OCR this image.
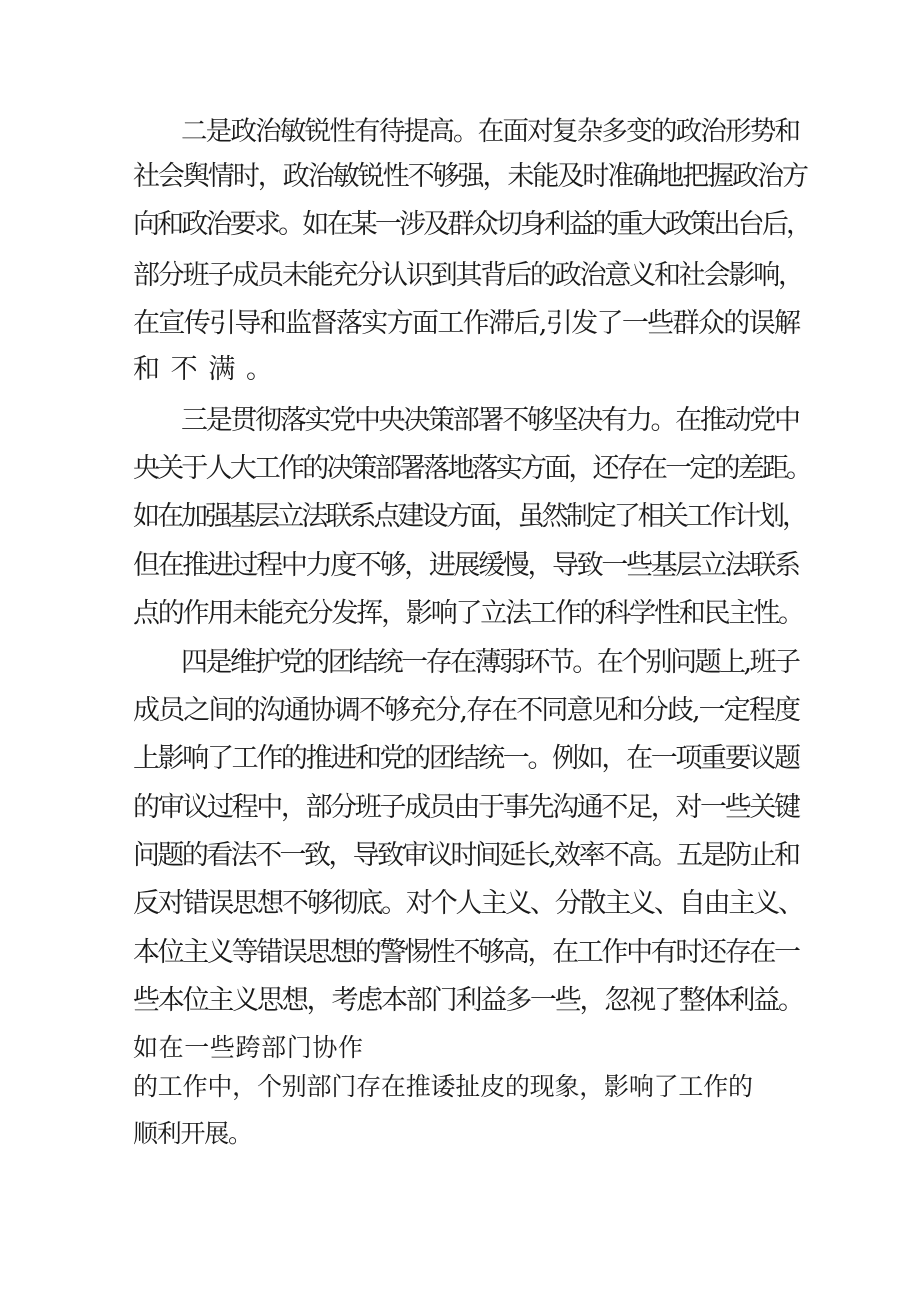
二是政治敏锐性有待提高。在面对复杂多变的政治形势和

社会舆情时，政治敏锐性不够强，未能及时准确地把握政治方

向和政治要求。如在某一涉及群众切身利益的重大政策出台后，

部分班子成员未能充分认识到其背后的政治意义和社会影响，

在宣传引导和监督落实方面工作滞后,引发了一些群众的误解

和不满。

三是贯彻落实党中央决策部署不够坚决有力。在推动党中

央关于人大工作的决策部署落地落实方面，还存在一定的差距。

如在加强基层立法联系点建设方面，虽然制定了相关工作计划，

但在推进过程中力度不够，进展缓慢，导致一些基层立法联系

点的作用未能充分发挥，影响了立法工作的科学性和民主性。

四是维护党的团结统一存在薄弱环节。在个别问题上,班子

成员之间的沟通协调不够充分,存在不同意见和分歧,一定程度

上影响了工作的推进和党的团结统一。例如，在一项重要议题

的审议过程中，部分班子成员由于事先沟通不足，对一些关键

问题的看法不一致，导致审议时间延长,效率不高。五是防止和

反对错误思想不够彻底。对个人主义、分散主义、自由主义、

本位主义等错误思想的警惕性不够高，在工作中有时还存在一

些本位主义思想，考虑本部门利益多一些，忽视了整体利益。

如在一些跨部门协作

的工作中，个别部门存在推诿扯皮的现象，影响了工作的

顺利开展。
